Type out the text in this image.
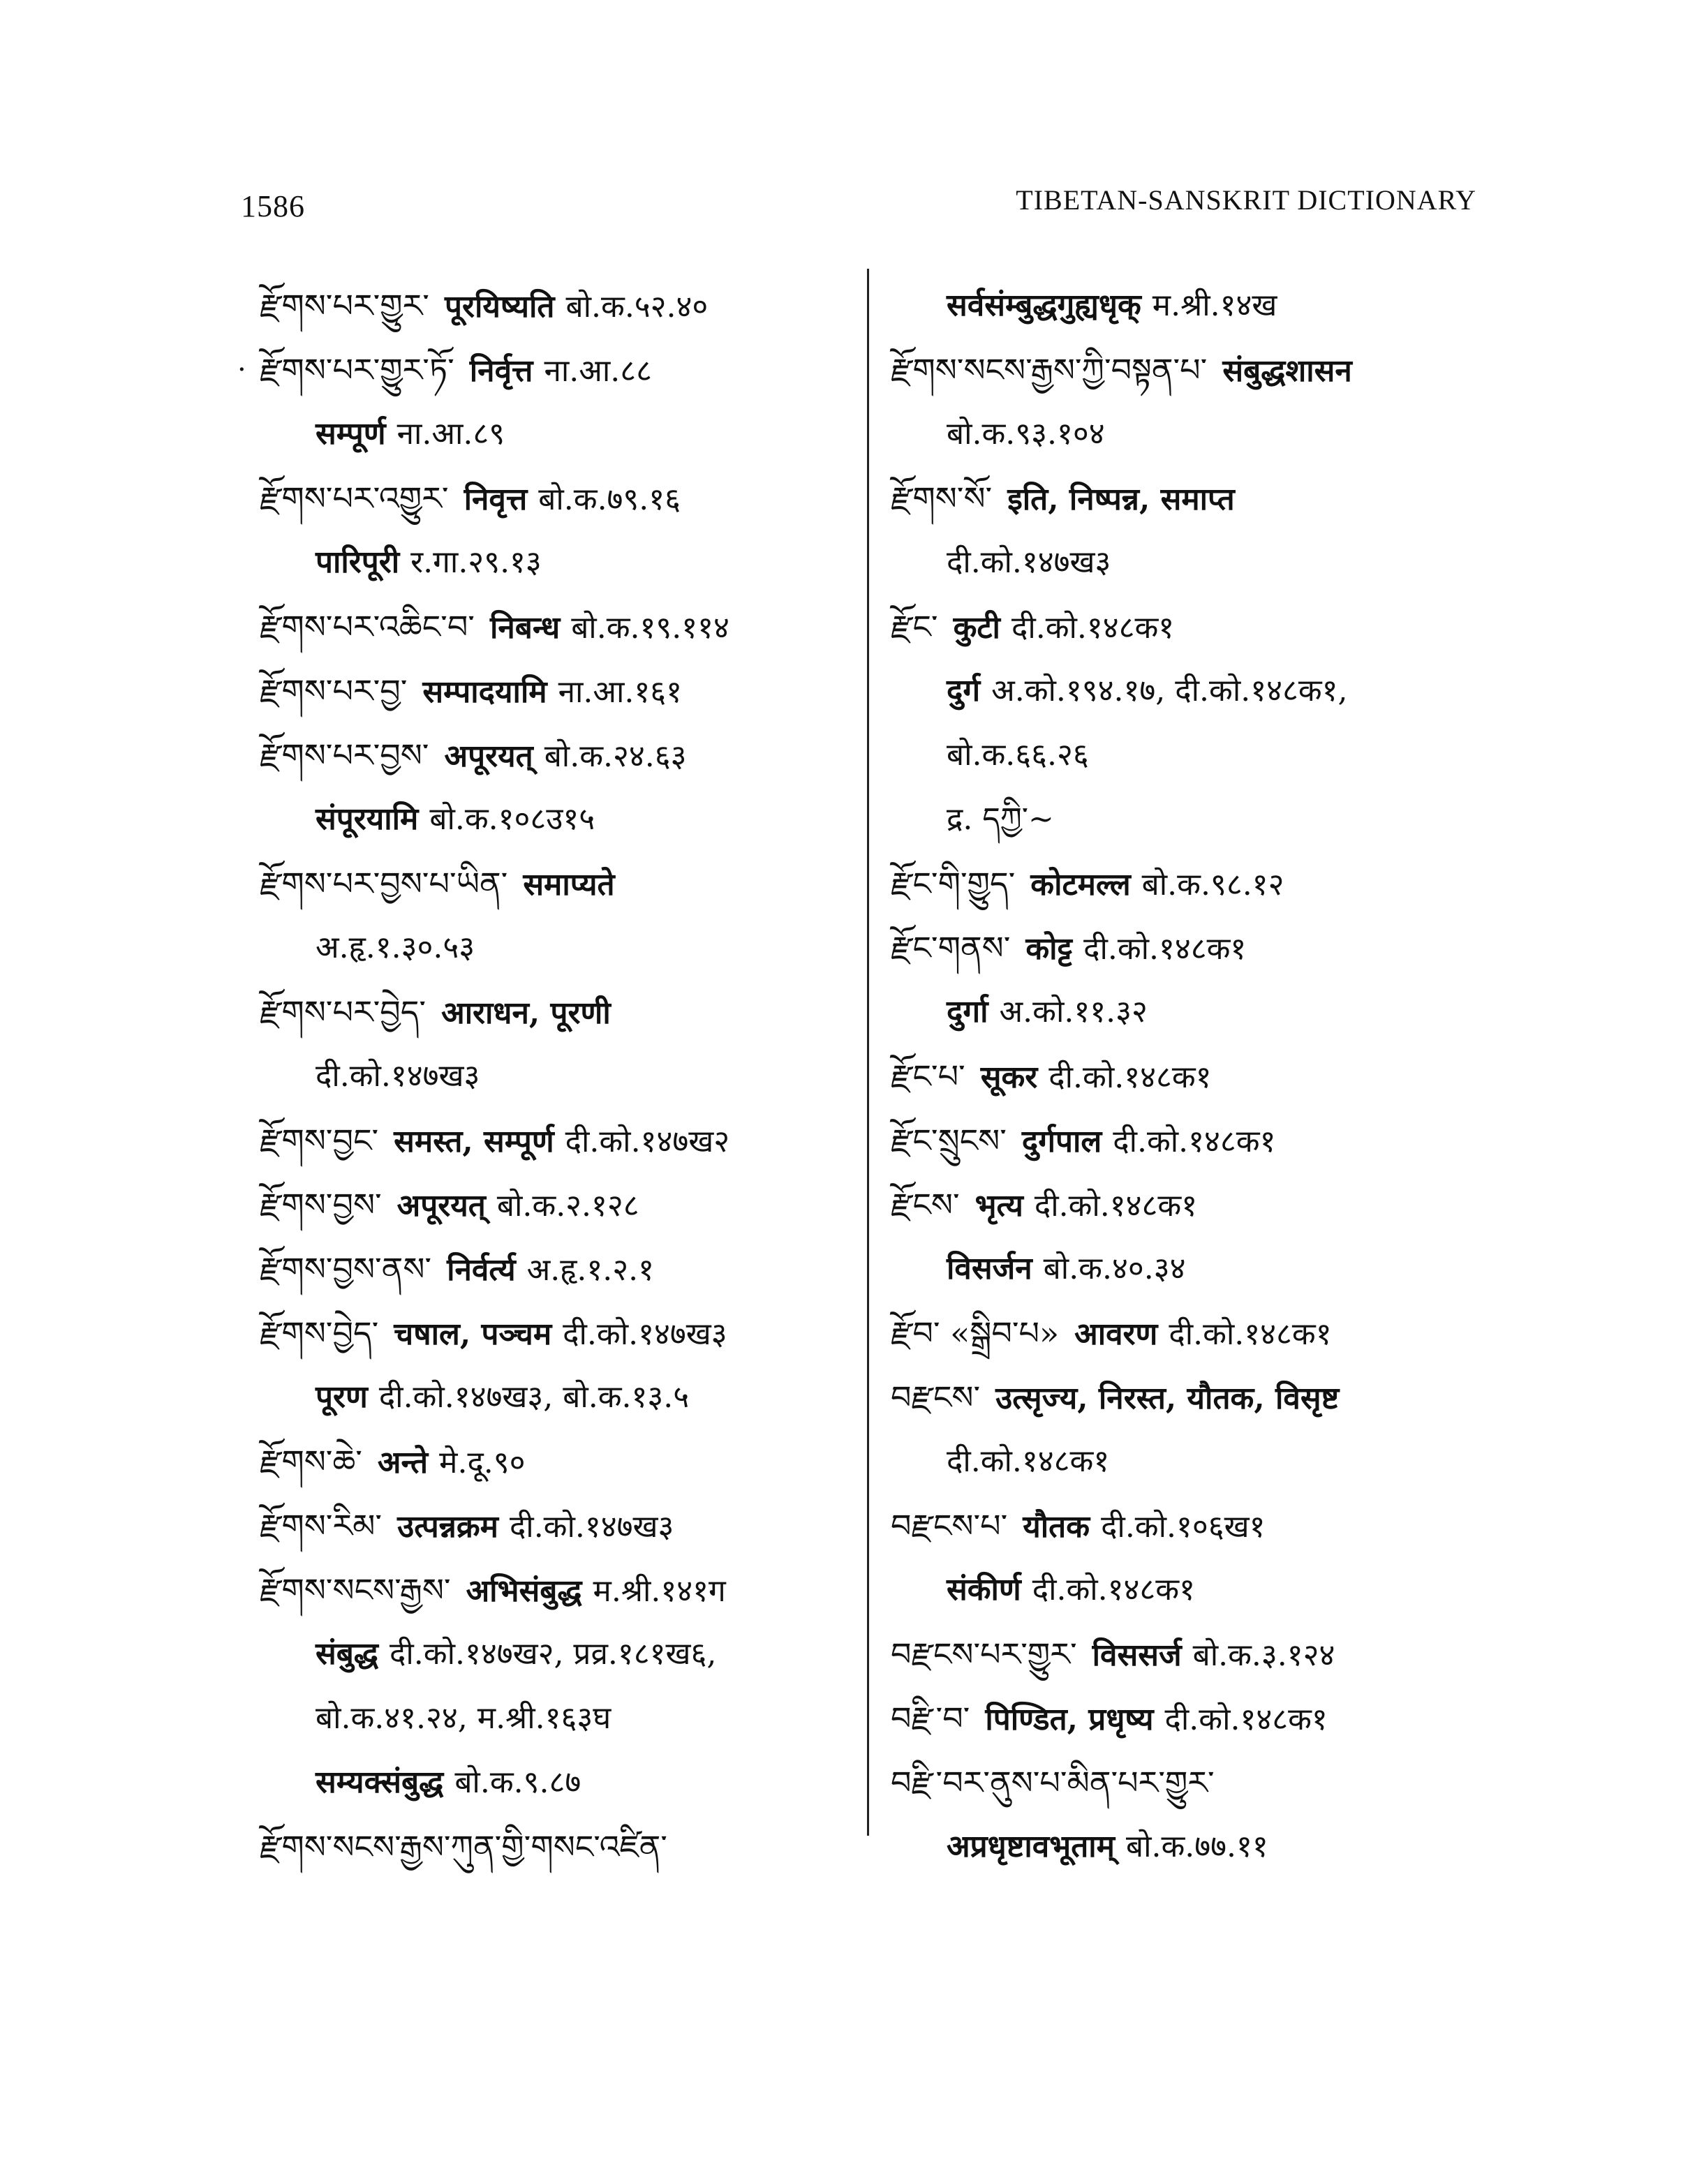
1586	TIBETAN-SANSKRIT DICTIONARY
རྫོགས་པར་གྱུར་ पूरयिष्यति बो.क.५२.४०
· རྫོགས་པར་གྱུར་ཏོ་ निर्वृत्त ना.आ.८८
सम्पूर्ण ना.आ.८९
རྫོགས་པར་འགྱུར་ निवृत्त बो.क.७९.१६
पारिपूरी र.गा.२९.१३
རྫོགས་པར་འཆིང་བ་ निबन्ध बो.क.१९.११४
རྫོགས་པར་བྱ་ सम्पादयामि ना.आ.१६१
རྫོགས་པར་བྱས་ अपूरयत् बो.क.२४.६३
संपूरयामि बो.क.१०८उ१५
རྫོགས་པར་བྱས་པ་ཡིན་ समाप्यते
अ.हृ.१.३०.५३
རྫོགས་པར་བྱེད་ आराधन, पूरणी
दी.को.१४७ख३
རྫོགས་བྱང་ समस्त, सम्पूर्ण दी.को.१४७ख२
རྫོགས་བྱས་ अपूरयत् बो.क.२.१२८
རྫོགས་བྱས་ནས་ निर्वर्त्य अ.हृ.१.२.१
རྫོགས་བྱེད་ चषाल, पञ्चम दी.को.१४७ख३
पूरण दी.को.१४७ख३, बो.क.१३.५
རྫོགས་ཆེ་ अन्ते मे.दू.९०
རྫོགས་རིམ་ उत्पन्नक्रम दी.को.१४७ख३
རྫོགས་སངས་རྒྱས་ अभिसंबुद्ध म.श्री.१४१ग
संबुद्ध दी.को.१४७ख२, प्रव्र.१८१ख६,
बो.क.४१.२४, म.श्री.१६३घ
सम्यक्संबुद्ध बो.क.९.८७
རྫོགས་སངས་རྒྱས་ཀུན་གྱི་གསང་འཛིན་
सर्वसंम्बुद्धगुह्यधृक् म.श्री.१४ख
རྫོགས་སངས་རྒྱས་ཀྱི་བསྟན་པ་ संबुद्धशासन
बो.क.९३.१०४
རྫོགས་སོ་ इति, निष्पन्न, समाप्त
दी.को.१४७ख३
རྫོང་ कुटी दी.को.१४८क१
दुर्ग अ.को.१९४.१७, दी.को.१४८क१,
बो.क.६६.२६
द्र. དཀྱི་~
རྫོང་གི་གྱུད་ कोटमल्ल बो.क.९८.१२
རྫོང་གནས་ कोट्ट दी.को.१४८क१
दुर्गा अ.को.११.३२
རྫོང་པ་ सूकर दी.को.१४८क१
རྫོང་སྲུངས་ दुर्गपाल दी.को.१४८क१
རྫོངས་ भृत्य दी.को.१४८क१
विसर्जन बो.क.४०.३४
རྫོབ་ «སྒྲིབ་པ» आवरण दी.को.१४८क१
བརྫངས་ उत्सृज्य, निरस्त, यौतक, विसृष्ट
दी.को.१४८क१
བརྫངས་པ་ यौतक दी.को.१०६ख१
संकीर्ण दी.को.१४८क१
བརྫངས་པར་གྱུར་ विससर्ज बो.क.३.१२४
བརྫི་བ་ पिण्डित, प्रधृष्य दी.को.१४८क१
བརྫི་བར་ནུས་པ་མིན་པར་གྱུར་
अप्रधृष्टावभूताम् बो.क.७७.११
